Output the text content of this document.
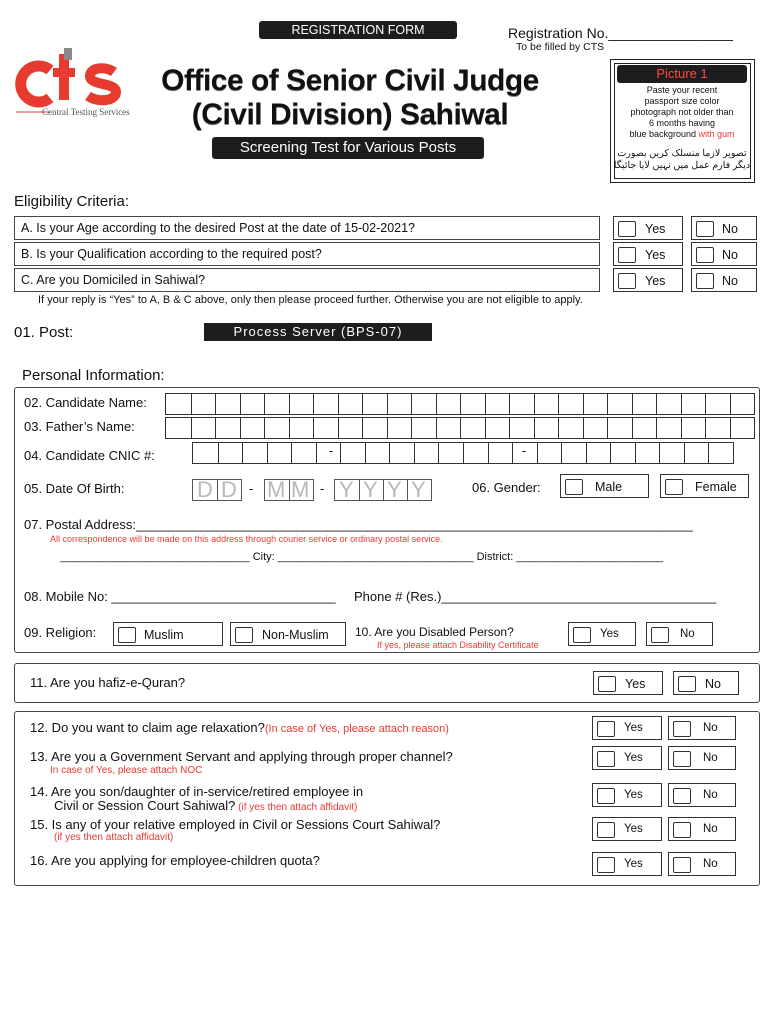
REGISTRATION FORM	Registration No.________________
To be filled by CTS
Central Testing Services
Office of Senior Civil Judge
(Civil Division) Sahiwal
Screening Test for Various Posts
Picture 1
Paste your recent
passport size color
photograph not older than
6 months having
blue background with gum
تصویر لازما منسلک کریں بصورت
دیگر فارم عمل میں نہیں لایا جائیگا
Eligibility Criteria:
A. Is your Age according to the desired Post at the date of 15-02-2021?	Yes	No
B. Is your Qualification according to the required post?	Yes	No
C. Are you Domiciled in Sahiwal?	Yes	No
If your reply is “Yes” to A, B & C above, only then please proceed further. Otherwise you are not eligible to apply.
01. Post:	Process Server (BPS-07)
Personal Information:
02. Candidate Name:
03. Father’s Name:
04. Candidate CNIC #:	-	-
05. Date Of Birth:	D D - M M - Y Y Y Y	06. Gender:	Male	Female
07. Postal Address:_____________________________________________________________________________
All correspondence will be made on this address through courier service or ordinary postal service.
_______________________________ City: ________________________________ District: ________________________
08. Mobile No: _______________________________ Phone # (Res.)______________________________________
09. Religion:	Muslim	Non-Muslim 10. Are you Disabled Person?
If yes, please attach Disability Certificate
Yes	No
11. Are you hafiz-e-Quran?	Yes	No
12. Do you want to claim age relaxation?(In case of Yes, please attach reason)	Yes	No
13. Are you a Government Servant and applying through proper channel?
In case of Yes, please attach NOC
Yes	No
14. Are you son/daughter of in-service/retired employee in
Civil or Session Court Sahiwal? (if yes then attach affidavit)
Yes	No
15. Is any of your relative employed in Civil or Sessions Court Sahiwal?
(if yes then attach affidavit)
Yes	No
16. Are you applying for employee-children quota?	Yes	No
